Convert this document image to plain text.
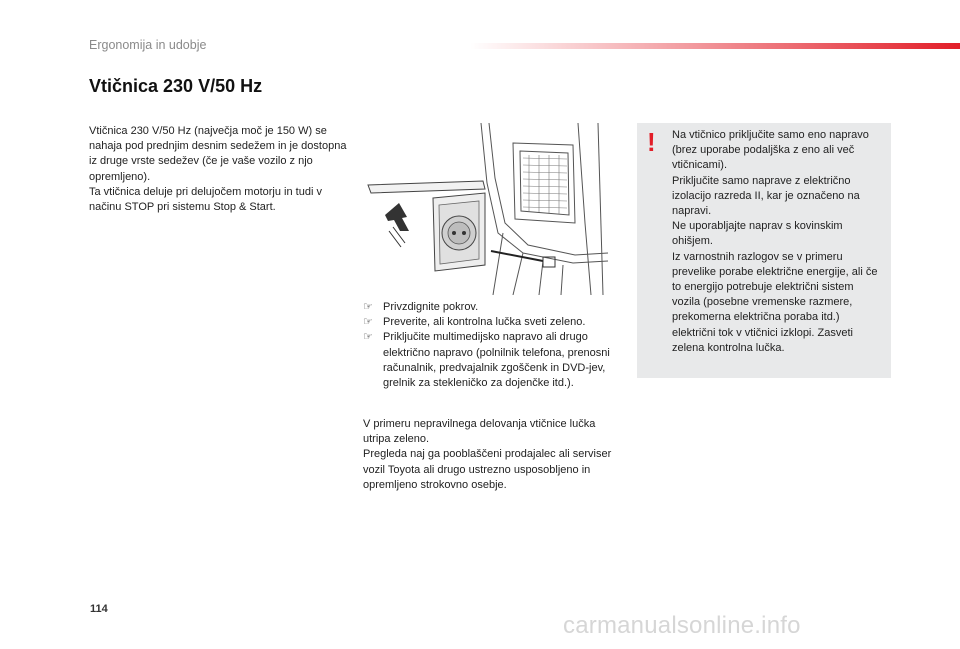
Ergonomija in udobje
Vtičnica 230 V/50 Hz

Vtičnica 230 V/50 Hz (največja moč je 150 W) se nahaja pod prednjim desnim sedežem in je dostopna iz druge vrste sedežev (če je vaše vozilo z njo opremljeno).

Ta vtičnica deluje pri delujočem motorju in tudi v načinu STOP pri sistemu Stop & Start.

☞ Privzdignite pokrov.
☞ Preverite, ali kontrolna lučka sveti zeleno.
☞ Priključite multimedijsko napravo ali drugo električno napravo (polnilnik telefona, prenosni računalnik, predvajalnik zgoščenk in DVD-jev, grelnik za stekleničko za dojenčke itd.).

V primeru nepravilnega delovanja vtičnice lučka utripa zeleno.

Pregleda naj ga pooblaščeni prodajalec ali serviser vozil Toyota ali drugo ustrezno usposobljeno in opremljeno strokovno osebje.

! Na vtičnico priključite samo eno napravo (brez uporabe podaljška z eno ali več vtičnicami).

Priključite samo naprave z električno izolacijo razreda II, kar je označeno na napravi.

Ne uporabljajte naprav s kovinskim ohišjem.

Iz varnostnih razlogov se v primeru prevelike porabe električne energije, ali če to energijo potrebuje električni sistem vozila (posebne vremenske razmere, prekomerna električna poraba itd.) električni tok v vtičnici izklopi. Zasveti zelena kontrolna lučka.

114
carmanualsonline.info
